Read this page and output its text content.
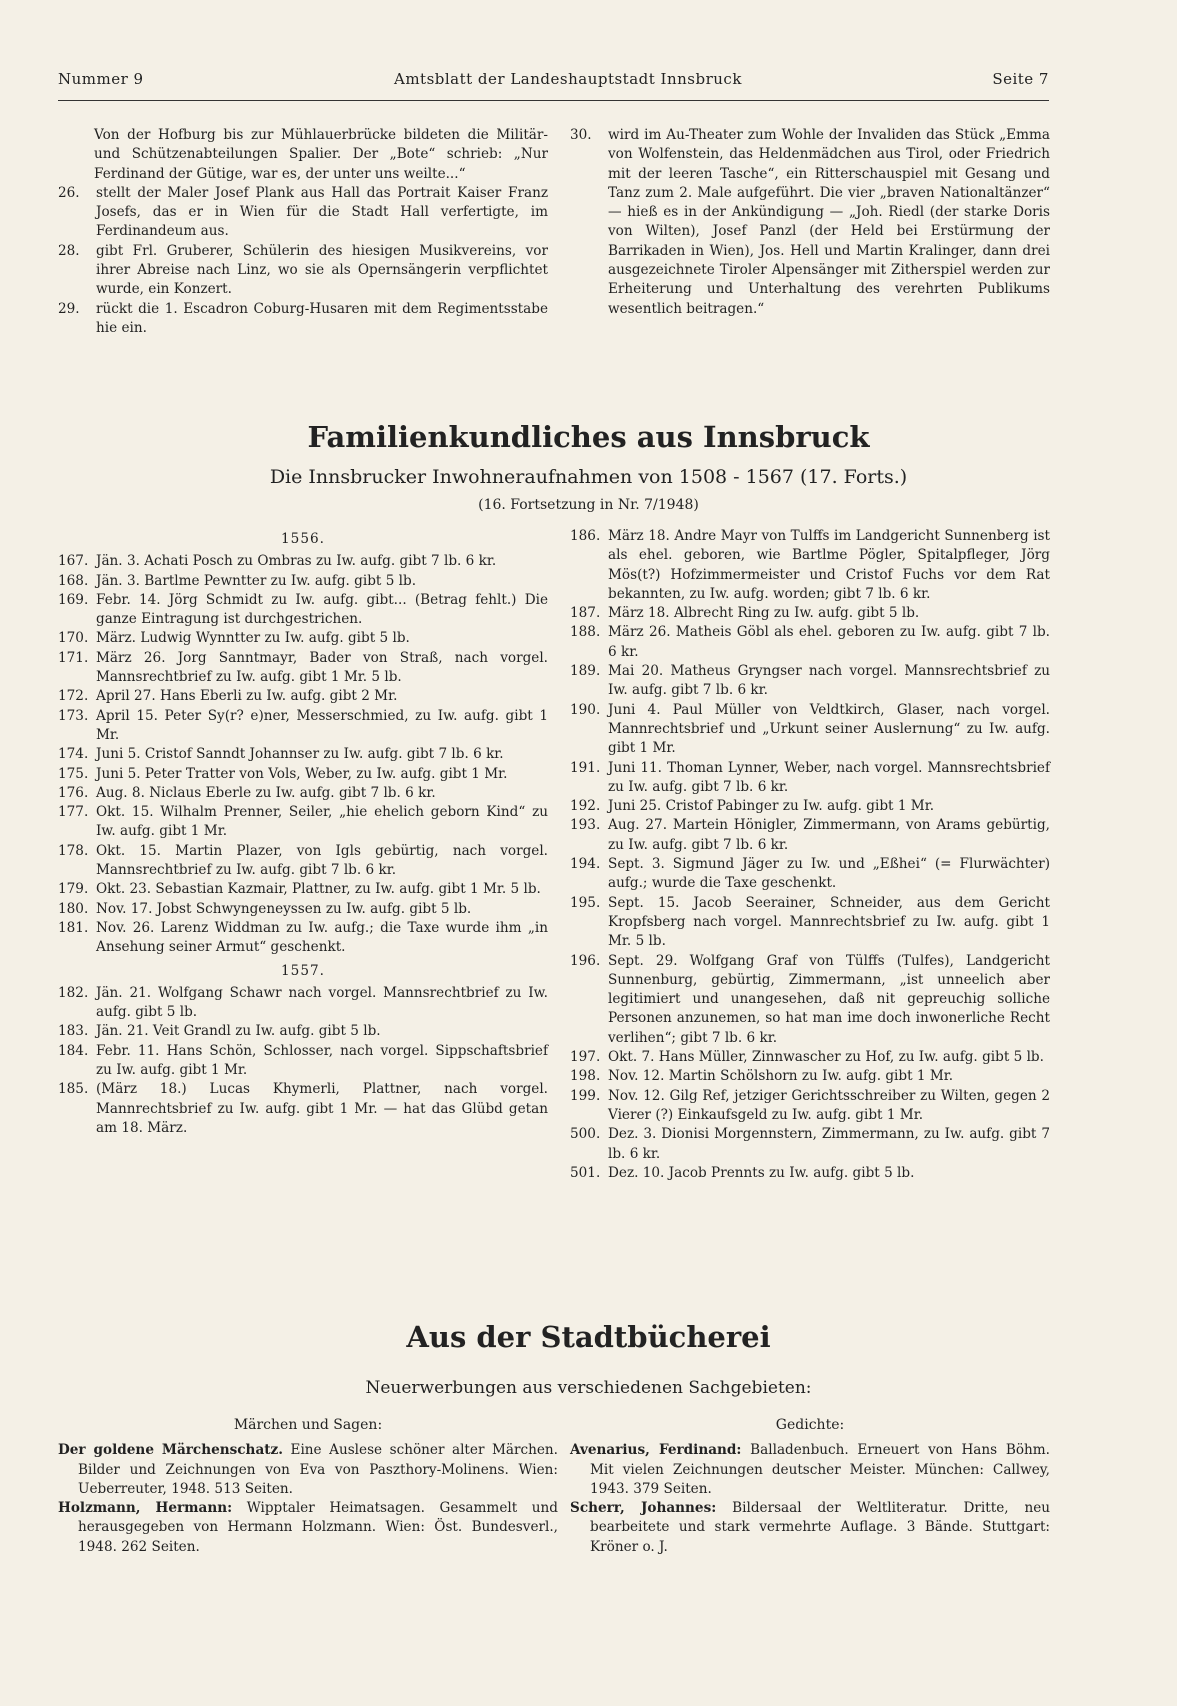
Nummer 9	Amtsblatt der Landeshauptstadt Innsbruck	Seite 7
Von der Hofburg bis zur Mühlauerbrücke bildeten die Militär- und Schützenabteilungen Spalier. Der „Bote“ schrieb: „Nur Ferdinand der Gütige, war es, der unter uns weilte...“
26.	stellt der Maler Josef Plank aus Hall das Portrait Kaiser Franz Josefs, das er in Wien für die Stadt Hall verfertigte, im Ferdinandeum aus.
28.	gibt Frl. Gruberer, Schülerin des hiesigen Musikvereins, vor ihrer Abreise nach Linz, wo sie als Opernsängerin verpflichtet wurde, ein Konzert.
29.	rückt die 1. Escadron Coburg-Husaren mit dem Regimentsstabe hie ein.
30.	wird im Au-Theater zum Wohle der Invaliden das Stück „Emma von Wolfenstein, das Heldenmädchen aus Tirol, oder Friedrich mit der leeren Tasche“, ein Ritterschauspiel mit Gesang und Tanz zum 2. Male aufgeführt. Die vier „braven Nationaltänzer“ — hieß es in der Ankündigung — „Joh. Riedl (der starke Doris von Wilten), Josef Panzl (der Held bei Erstürmung der Barrikaden in Wien), Jos. Hell und Martin Kralinger, dann drei ausgezeichnete Tiroler Alpensänger mit Zitherspiel werden zur Erheiterung und Unterhaltung des verehrten Publikums wesentlich beitragen.“
Familienkundliches aus Innsbruck
Die Innsbrucker Inwohneraufnahmen von 1508 - 1567 (17. Forts.)
(16. Fortsetzung in Nr. 7/1948)
1556.
167. Jän. 3. Achati Posch zu Ombras zu Iw. aufg. gibt 7 lb. 6 kr.
168. Jän. 3. Bartlme Pewntter zu Iw. aufg. gibt 5 lb.
169. Febr. 14. Jörg Schmidt zu Iw. aufg. gibt... (Betrag fehlt.) Die ganze Eintragung ist durchgestrichen.
170. März. Ludwig Wynntter zu Iw. aufg. gibt 5 lb.
171. März 26. Jorg Sanntmayr, Bader von Straß, nach vorgel. Mannsrechtbrief zu Iw. aufg. gibt 1 Mr. 5 lb.
172. April 27. Hans Eberli zu Iw. aufg. gibt 2 Mr.
173. April 15. Peter Sy(r? e)ner, Messerschmied, zu Iw. aufg. gibt 1 Mr.
174. Juni 5. Cristof Sanndt Johannser zu Iw. aufg. gibt 7 lb. 6 kr.
175. Juni 5. Peter Tratter von Vols, Weber, zu Iw. aufg. gibt 1 Mr.
176. Aug. 8. Niclaus Eberle zu Iw. aufg. gibt 7 lb. 6 kr.
177. Okt. 15. Wilhalm Prenner, Seiler, „hie ehelich geborn Kind“ zu Iw. aufg. gibt 1 Mr.
178. Okt. 15. Martin Plazer, von Igls gebürtig, nach vorgel. Mannsrechtbrief zu Iw. aufg. gibt 7 lb. 6 kr.
179. Okt. 23. Sebastian Kazmair, Plattner, zu Iw. aufg. gibt 1 Mr. 5 lb.
180. Nov. 17. Jobst Schwyngeneyssen zu Iw. aufg. gibt 5 lb.
181. Nov. 26. Larenz Widdman zu Iw. aufg.; die Taxe wurde ihm „in Ansehung seiner Armut“ geschenkt.
1557.
182. Jän. 21. Wolfgang Schawr nach vorgel. Mannsrechtbrief zu Iw. aufg. gibt 5 lb.
183. Jän. 21. Veit Grandl zu Iw. aufg. gibt 5 lb.
184. Febr. 11. Hans Schön, Schlosser, nach vorgel. Sippschaftsbrief zu Iw. aufg. gibt 1 Mr.
185. (März 18.) Lucas Khymerli, Plattner, nach vorgel. Mannrechtsbrief zu Iw. aufg. gibt 1 Mr. — hat das Glübd getan am 18. März.
186. März 18. Andre Mayr von Tulffs im Landgericht Sunnenberg ist als ehel. geboren, wie Bartlme Pögler, Spitalpfleger, Jörg Mös(t?) Hofzimmermeister und Cristof Fuchs vor dem Rat bekannten, zu Iw. aufg. worden; gibt 7 lb. 6 kr.
187. März 18. Albrecht Ring zu Iw. aufg. gibt 5 lb.
188. März 26. Matheis Göbl als ehel. geboren zu Iw. aufg. gibt 7 lb. 6 kr.
189. Mai 20. Matheus Gryngser nach vorgel. Mannsrechtsbrief zu Iw. aufg. gibt 7 lb. 6 kr.
190. Juni 4. Paul Müller von Veldtkirch, Glaser, nach vorgel. Mannrechtsbrief und „Urkunt seiner Auslernung“ zu Iw. aufg. gibt 1 Mr.
191. Juni 11. Thoman Lynner, Weber, nach vorgel. Mannsrechtsbrief zu Iw. aufg. gibt 7 lb. 6 kr.
192. Juni 25. Cristof Pabinger zu Iw. aufg. gibt 1 Mr.
193. Aug. 27. Martein Hönigler, Zimmermann, von Arams gebürtig, zu Iw. aufg. gibt 7 lb. 6 kr.
194. Sept. 3. Sigmund Jäger zu Iw. und „Eßhei“ (= Flurwächter) aufg.; wurde die Taxe geschenkt.
195. Sept. 15. Jacob Seerainer, Schneider, aus dem Gericht Kropfsberg nach vorgel. Mannrechtsbrief zu Iw. aufg. gibt 1 Mr. 5 lb.
196. Sept. 29. Wolfgang Graf von Tülffs (Tulfes), Landgericht Sunnenburg, gebürtig, Zimmermann, „ist unneelich aber legitimiert und unangesehen, daß nit gepreuchig solliche Personen anzunemen, so hat man ime doch inwonerliche Recht verlihen“; gibt 7 lb. 6 kr.
197. Okt. 7. Hans Müller, Zinnwascher zu Hof, zu Iw. aufg. gibt 5 lb.
198. Nov. 12. Martin Schölshorn zu Iw. aufg. gibt 1 Mr.
199. Nov. 12. Gilg Ref, jetziger Gerichtsschreiber zu Wilten, gegen 2 Vierer (?) Einkaufsgeld zu Iw. aufg. gibt 1 Mr.
500. Dez. 3. Dionisi Morgennstern, Zimmermann, zu Iw. aufg. gibt 7 lb. 6 kr.
501. Dez. 10. Jacob Prennts zu Iw. aufg. gibt 5 lb.
Aus der Stadtbücherei
Neuerwerbungen aus verschiedenen Sachgebieten:
Märchen und Sagen:
Der goldene Märchenschatz. Eine Auslese schöner alter Märchen. Bilder und Zeichnungen von Eva von Paszthory-Molinens. Wien: Ueberreuter, 1948. 513 Seiten.
Holzmann, Hermann: Wipptaler Heimatsagen. Gesammelt und herausgegeben von Hermann Holzmann. Wien: Öst. Bundesverl., 1948. 262 Seiten.
Gedichte:
Avenarius, Ferdinand: Balladenbuch. Erneuert von Hans Böhm. Mit vielen Zeichnungen deutscher Meister. München: Callwey, 1943. 379 Seiten.
Scherr, Johannes: Bildersaal der Weltliteratur. Dritte, neu bearbeitete und stark vermehrte Auflage. 3 Bände. Stuttgart: Kröner o. J.
